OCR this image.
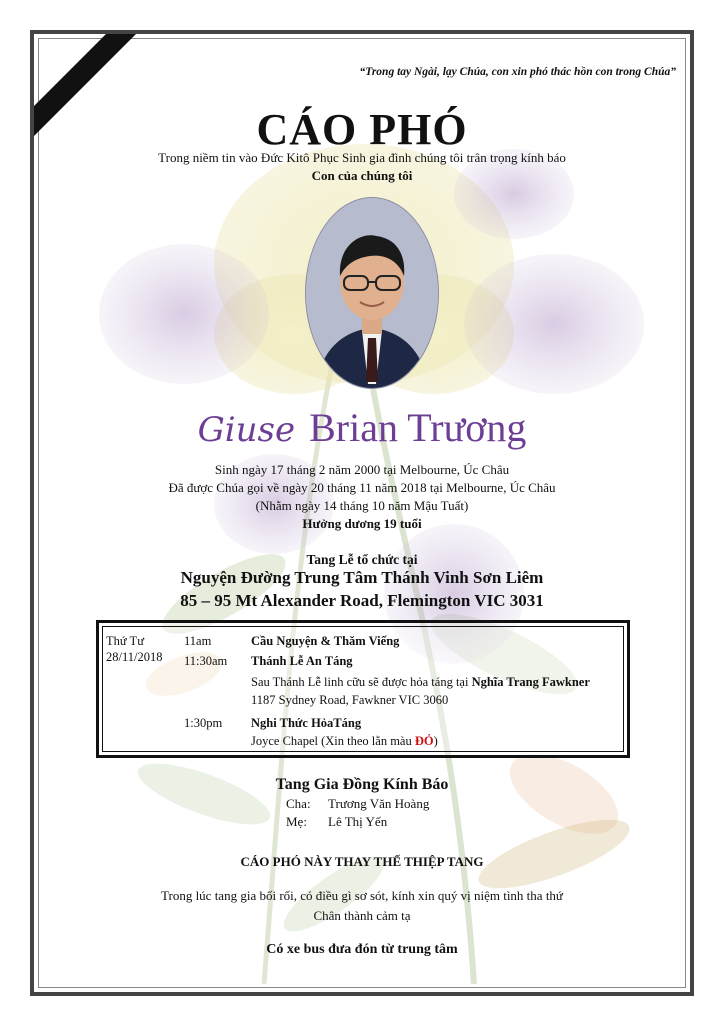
“Trong tay Ngài, lạy Chúa, con xin phó thác hồn con trong Chúa”
CÁO PHÓ
Trong niềm tin vào Đức Kitô Phục Sinh gia đình chúng tôi trân trọng kính báo
Con của chúng tôi
Giuse Brian Trương
Sinh ngày 17 tháng 2 năm 2000 tại Melbourne, Úc Châu
Đã được Chúa gọi về ngày 20 tháng 11 năm 2018 tại Melbourne, Úc Châu
(Nhằm ngày 14 tháng 10 năm Mậu Tuất)
Hưởng dương 19 tuổi
Tang Lễ tổ chức tại
Nguyện Đường Trung Tâm Thánh Vinh Sơn Liêm
85 – 95 Mt Alexander Road, Flemington VIC 3031
Thứ Tư
28/11/2018
11am	Cầu Nguyện & Thăm Viếng
11:30am Thánh Lễ An Táng
Sau Thánh Lễ linh cữu sẽ được hỏa táng tại Nghĩa Trang Fawkner
1187 Sydney Road, Fawkner VIC 3060
1:30pm Nghi Thức HỏaTáng
Joyce Chapel (Xin theo lằn màu ĐỎ)
Tang Gia Đồng Kính Báo
Cha: Trương Văn Hoàng
Mẹ: Lê Thị Yến
CÁO PHÓ NÀY THAY THẾ THIỆP TANG
Trong lúc tang gia bối rối, có điều gì sơ sót, kính xin quý vị niệm tình tha thứ
Chân thành cảm tạ
Có xe bus đưa đón từ trung tâm
